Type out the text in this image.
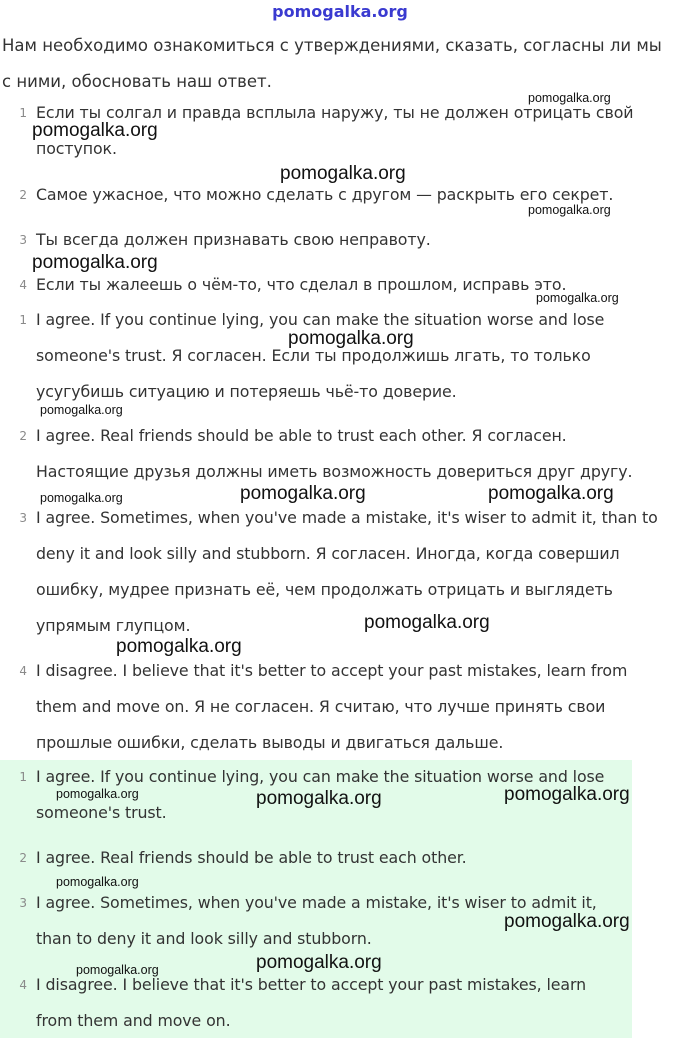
pomogalka.org
Нам необходимо ознакомиться с утверждениями, сказать, согласны ли мы с ними, обосновать наш ответ.
1 Если ты солгал и правда всплыла наружу, ты не должен отрицать свой
поступок.
2 Самое ужасное, что можно сделать с другом — раскрыть его секрет.
3 Ты всегда должен признавать свою неправоту.
4 Если ты жалеешь о чём-то, что сделал в прошлом, исправь это.
1 I agree. If you continue lying, you can make the situation worse and lose
someone's trust. Я согласен. Если ты продолжишь лгать, то только
усугубишь ситуацию и потеряешь чьё-то доверие.
2 I agree. Real friends should be able to trust each other. Я согласен.
Настоящие друзья должны иметь возможность довериться друг другу.
3 I agree. Sometimes, when you've made a mistake, it's wiser to admit it, than to
deny it and look silly and stubborn. Я согласен. Иногда, когда совершил
ошибку, мудрее признать её, чем продолжать отрицать и выглядеть
упрямым глупцом.
4 I disagree. I believe that it's better to accept your past mistakes, learn from
them and move on. Я не согласен. Я считаю, что лучше принять свои
прошлые ошибки, сделать выводы и двигаться дальше.
1 I agree. If you continue lying, you can make the situation worse and lose
someone's trust.
2 I agree. Real friends should be able to trust each other.
3 I agree. Sometimes, when you've made a mistake, it's wiser to admit it,
than to deny it and look silly and stubborn.
4 I disagree. I believe that it's better to accept your past mistakes, learn
from them and move on.
pomogalka.org
pomogalka.org
pomogalka.org
pomogalka.org
pomogalka.org
pomogalka.org
pomogalka.org
pomogalka.org
pomogalka.org	pomogalka.org	pomogalka.org
pomogalka.org
pomogalka.org
pomogalka.org	pomogalka.org	pomogalka.org
pomogalka.org
pomogalka.org
pomogalka.org	pomogalka.org
